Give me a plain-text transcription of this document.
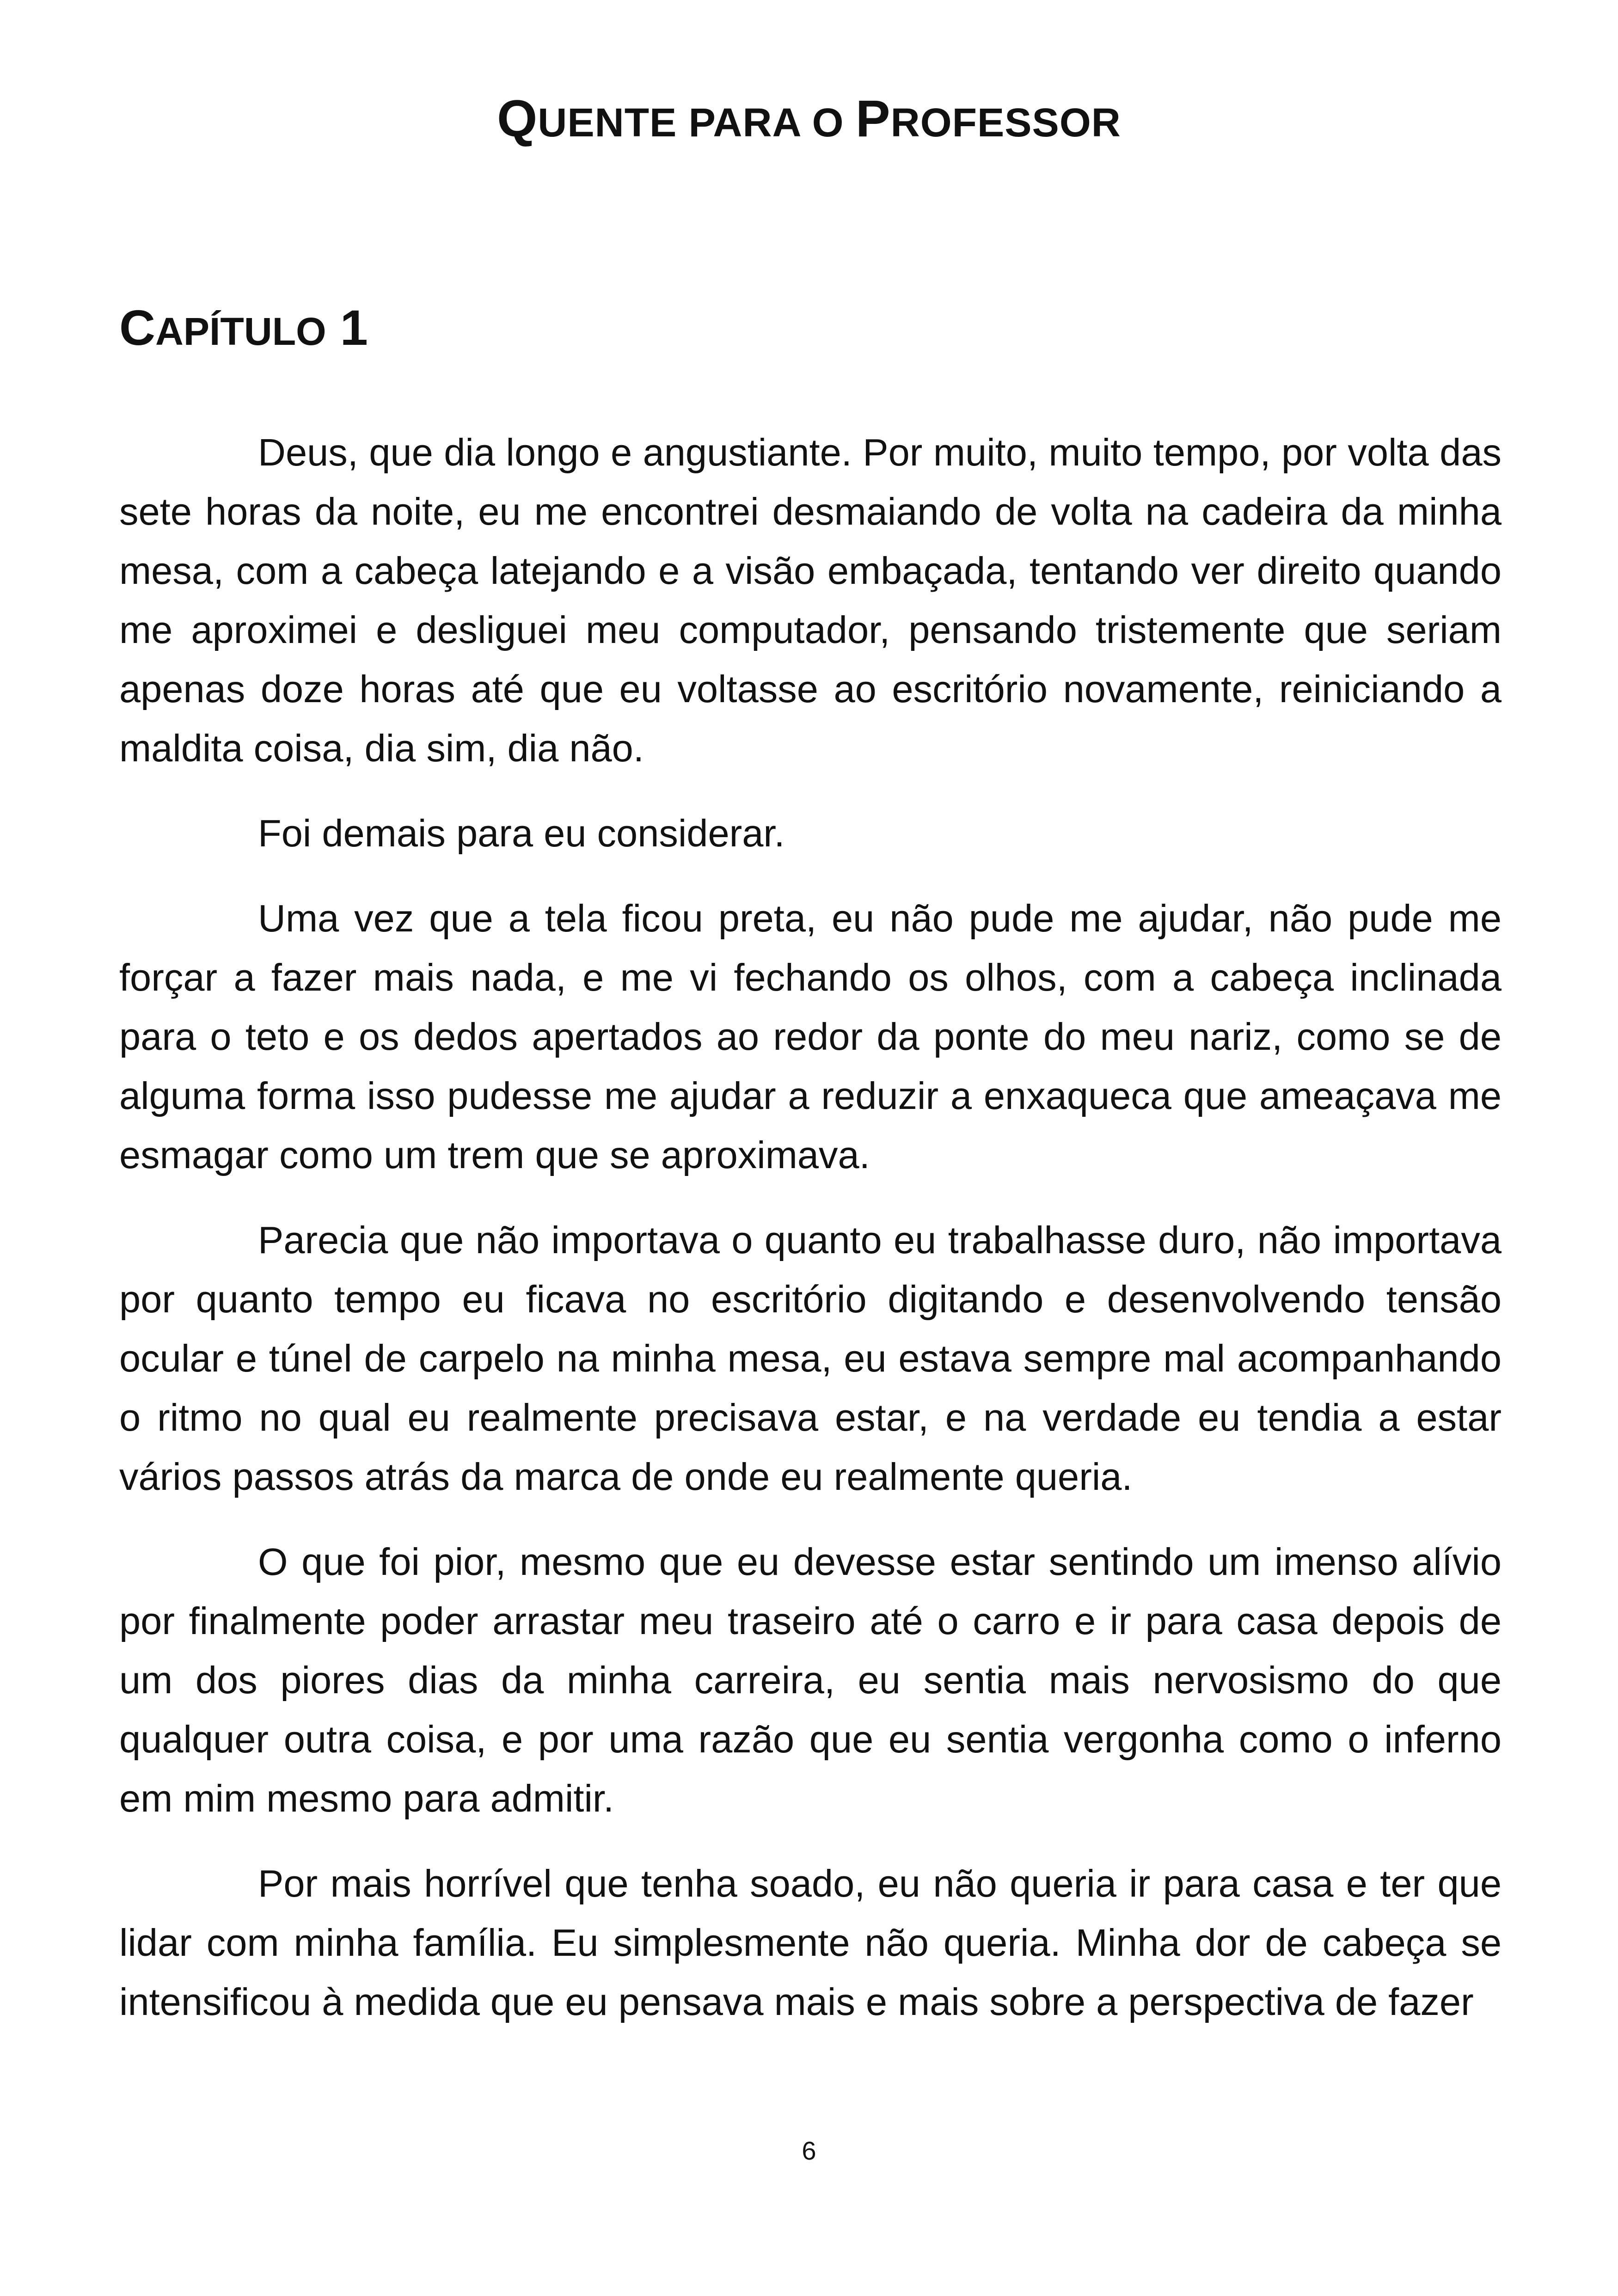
QUENTE PARA O PROFESSOR
CAPÍTULO 1

Deus, que dia longo e angustiante. Por muito, muito tempo, por volta das sete horas da noite, eu me encontrei desmaiando de volta na cadeira da minha mesa, com a cabeça latejando e a visão embaçada, tentando ver direito quando me aproximei e desliguei meu computador, pensando tristemente que seriam apenas doze horas até que eu voltasse ao escritório novamente, reiniciando a maldita coisa, dia sim, dia não.

Foi demais para eu considerar.

Uma vez que a tela ficou preta, eu não pude me ajudar, não pude me forçar a fazer mais nada, e me vi fechando os olhos, com a cabeça inclinada para o teto e os dedos apertados ao redor da ponte do meu nariz, como se de alguma forma isso pudesse me ajudar a reduzir a enxaqueca que ameaçava me esmagar como um trem que se aproximava.

Parecia que não importava o quanto eu trabalhasse duro, não importava por quanto tempo eu ficava no escritório digitando e desenvolvendo tensão ocular e túnel de carpelo na minha mesa, eu estava sempre mal acompanhando o ritmo no qual eu realmente precisava estar, e na verdade eu tendia a estar vários passos atrás da marca de onde eu realmente queria.

O que foi pior, mesmo que eu devesse estar sentindo um imenso alívio por finalmente poder arrastar meu traseiro até o carro e ir para casa depois de um dos piores dias da minha carreira, eu sentia mais nervosismo do que qualquer outra coisa, e por uma razão que eu sentia vergonha como o inferno em mim mesmo para admitir.

Por mais horrível que tenha soado, eu não queria ir para casa e ter que lidar com minha família. Eu simplesmente não queria. Minha dor de cabeça se intensificou à medida que eu pensava mais e mais sobre a perspectiva de fazer

6
